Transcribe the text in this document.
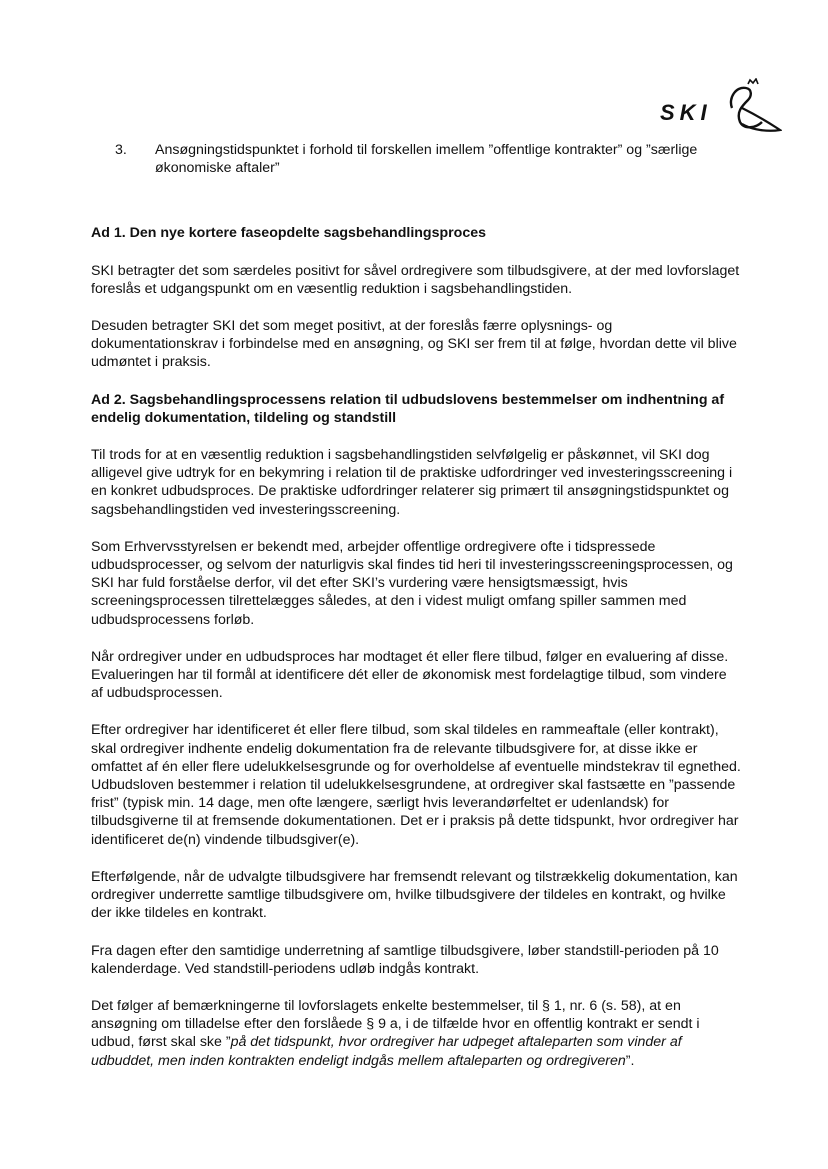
SKI
3. Ansøgningstidspunktet i forhold til forskellen imellem ”offentlige kontrakter” og ”særlige økonomiske aftaler”

Ad 1. Den nye kortere faseopdelte sagsbehandlingsproces

SKI betragter det som særdeles positivt for såvel ordregivere som tilbudsgivere, at der med lovforslaget foreslås et udgangspunkt om en væsentlig reduktion i sagsbehandlingstiden.

Desuden betragter SKI det som meget positivt, at der foreslås færre oplysnings- og dokumentationskrav i forbindelse med en ansøgning, og SKI ser frem til at følge, hvordan dette vil blive udmøntet i praksis.

Ad 2. Sagsbehandlingsprocessens relation til udbudslovens bestemmelser om indhentning af endelig dokumentation, tildeling og standstill

Til trods for at en væsentlig reduktion i sagsbehandlingstiden selvfølgelig er påskønnet, vil SKI dog alligevel give udtryk for en bekymring i relation til de praktiske udfordringer ved investeringsscreening i en konkret udbudsproces. De praktiske udfordringer relaterer sig primært til ansøgningstidspunktet og sagsbehandlingstiden ved investeringsscreening.

Som Erhvervsstyrelsen er bekendt med, arbejder offentlige ordregivere ofte i tidspressede udbudsprocesser, og selvom der naturligvis skal findes tid heri til investeringsscreeningsprocessen, og SKI har fuld forståelse derfor, vil det efter SKI’s vurdering være hensigtsmæssigt, hvis screeningsprocessen tilrettelægges således, at den i videst muligt omfang spiller sammen med udbudsprocessens forløb.

Når ordregiver under en udbudsproces har modtaget ét eller flere tilbud, følger en evaluering af disse. Evalueringen har til formål at identificere dét eller de økonomisk mest fordelagtige tilbud, som vindere af udbudsprocessen.

Efter ordregiver har identificeret ét eller flere tilbud, som skal tildeles en rammeaftale (eller kontrakt), skal ordregiver indhente endelig dokumentation fra de relevante tilbudsgivere for, at disse ikke er omfattet af én eller flere udelukkelsesgrunde og for overholdelse af eventuelle mindstekrav til egnethed. Udbudsloven bestemmer i relation til udelukkelsesgrundene, at ordregiver skal fastsætte en ”passende frist” (typisk min. 14 dage, men ofte længere, særligt hvis leverandørfeltet er udenlandsk) for tilbudsgiverne til at fremsende dokumentationen. Det er i praksis på dette tidspunkt, hvor ordregiver har identificeret de(n) vindende tilbudsgiver(e).

Efterfølgende, når de udvalgte tilbudsgivere har fremsendt relevant og tilstrækkelig dokumentation, kan ordregiver underrette samtlige tilbudsgivere om, hvilke tilbudsgivere der tildeles en kontrakt, og hvilke der ikke tildeles en kontrakt.

Fra dagen efter den samtidige underretning af samtlige tilbudsgivere, løber standstill-perioden på 10 kalenderdage. Ved standstill-periodens udløb indgås kontrakt.

Det følger af bemærkningerne til lovforslagets enkelte bestemmelser, til § 1, nr. 6 (s. 58), at en ansøgning om tilladelse efter den forslåede § 9 a, i de tilfælde hvor en offentlig kontrakt er sendt i udbud, først skal ske ”på det tidspunkt, hvor ordregiver har udpeget aftaleparten som vinder af udbuddet, men inden kontrakten endeligt indgås mellem aftaleparten og ordregiveren”.
